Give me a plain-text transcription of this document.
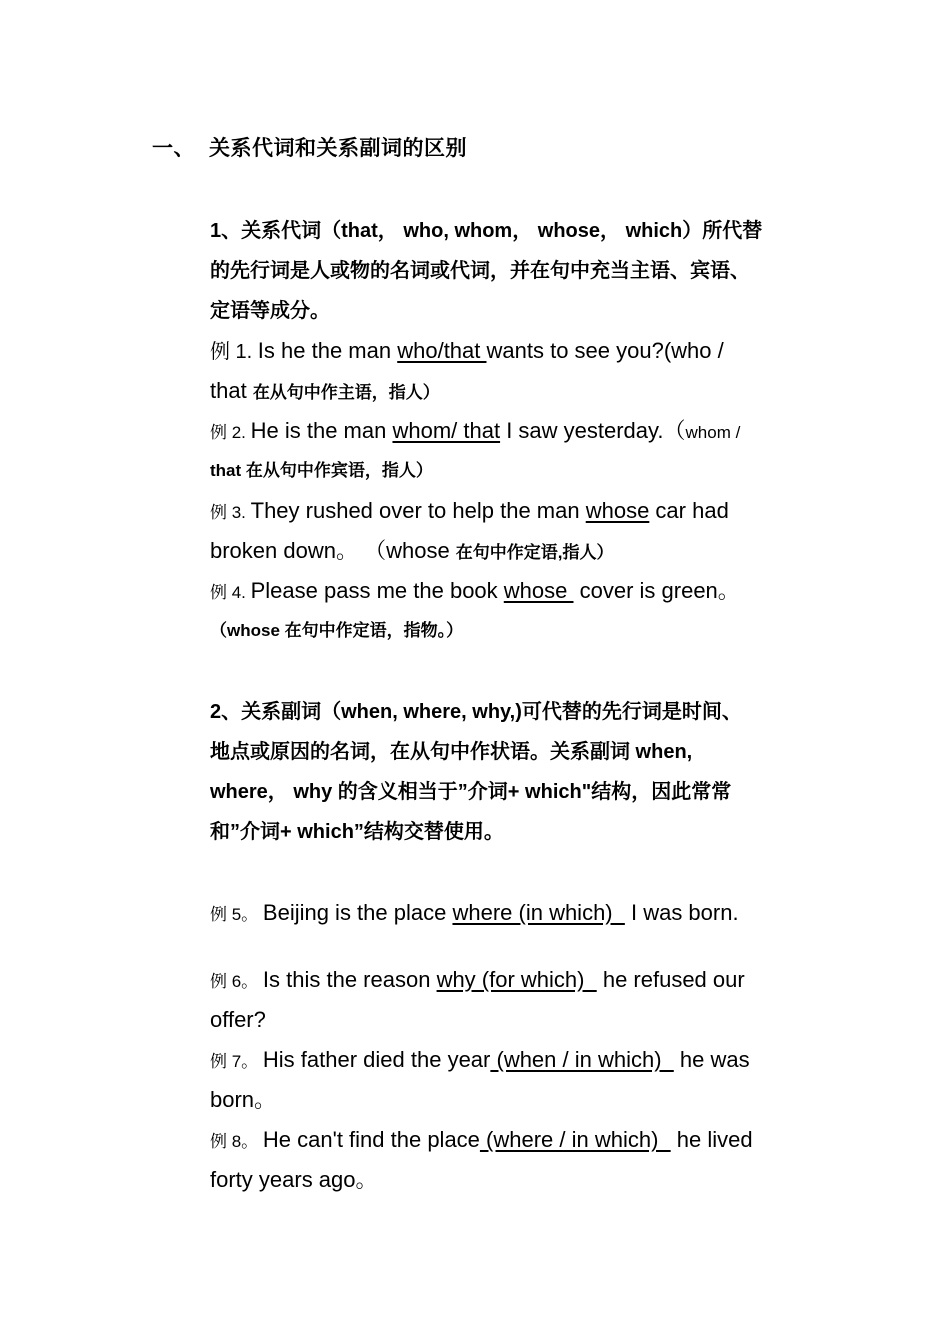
一、 关系代词和关系副词的区别
1、关系代词（that， who, whom， whose， which）所代替
的先行词是人或物的名词或代词，并在句中充当主语、宾语、
定语等成分。
例 1. Is he the man who/that wants to see you?(who /
that 在从句中作主语，指人）
例 2. He is the man whom/ that I saw yesterday.（whom /
that 在从句中作宾语，指人）
例 3. They rushed over to help the man whose car had
broken down。 （whose 在句中作定语,指人）
例 4. Please pass me the book whose  cover is green。
（whose 在句中作定语，指物。）
2、关系副词（when, where, why,)可代替的先行词是时间、
地点或原因的名词，在从句中作状语。关系副词 when,
where， why 的含义相当于”介词+ which"结构，因此常常
和”介词+ which”结构交替使用。
例 5。 Beijing is the place where (in which)   I was born.
例 6。 Is this the reason why (for which)   he refused our
offer?
例 7。 His father died the year (when / in which)   he was
born。
例 8。 He can't find the place (where / in which)   he lived
forty years ago。
